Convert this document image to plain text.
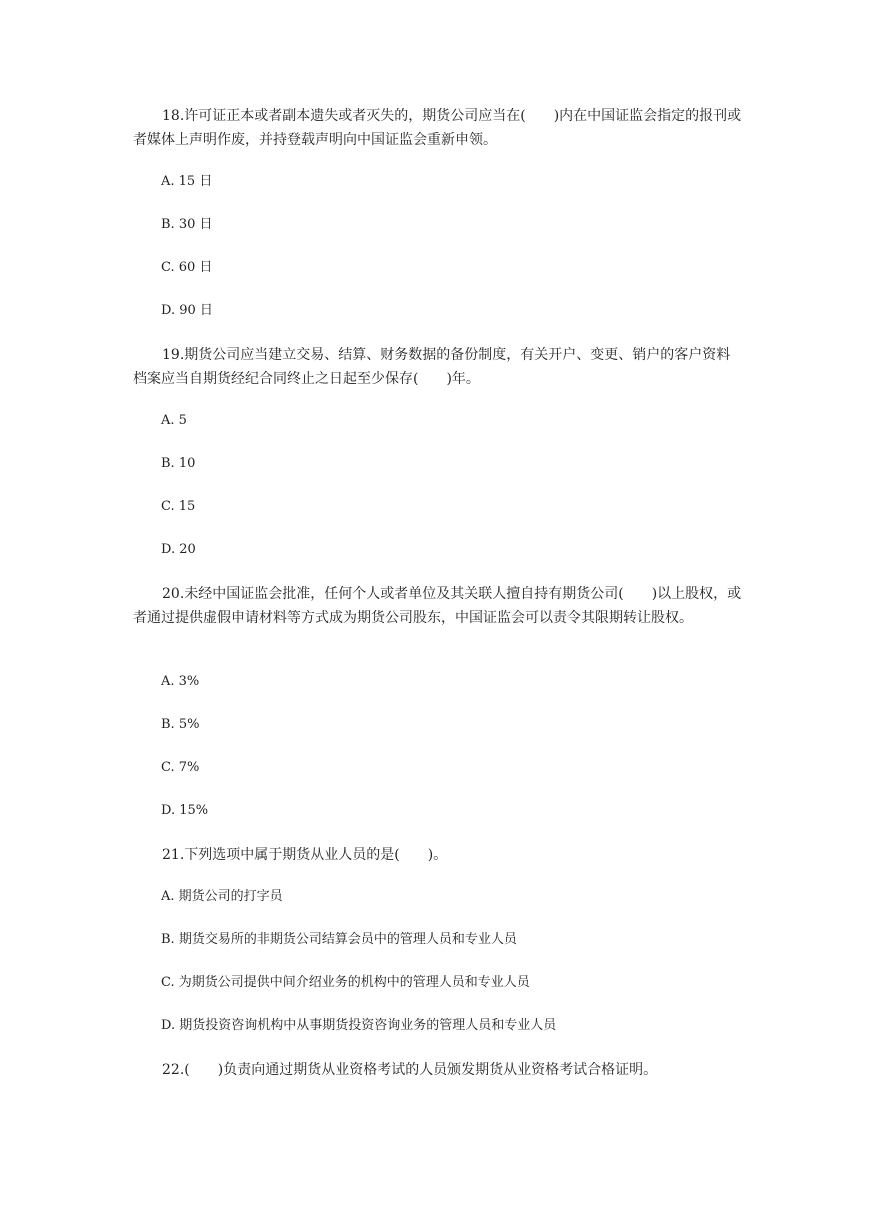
18.许可证正本或者副本遗失或者灭失的，期货公司应当在(　　)内在中国证监会指定的报刊或者媒体上声明作废，并持登载声明向中国证监会重新申领。

A. 15 日

B. 30 日

C. 60 日

D. 90 日

19.期货公司应当建立交易、结算、财务数据的备份制度，有关开户、变更、销户的客户资料档案应当自期货经纪合同终止之日起至少保存(　　)年。

A. 5

B. 10

C. 15

D. 20

20.未经中国证监会批准，任何个人或者单位及其关联人擅自持有期货公司(　　)以上股权，或者通过提供虚假申请材料等方式成为期货公司股东，中国证监会可以责令其限期转让股权。

A. 3%

B. 5%

C. 7%

D. 15%

21.下列选项中属于期货从业人员的是(　　)。

A. 期货公司的打字员

B. 期货交易所的非期货公司结算会员中的管理人员和专业人员

C. 为期货公司提供中间介绍业务的机构中的管理人员和专业人员

D. 期货投资咨询机构中从事期货投资咨询业务的管理人员和专业人员

22.(　　)负责向通过期货从业资格考试的人员颁发期货从业资格考试合格证明。
